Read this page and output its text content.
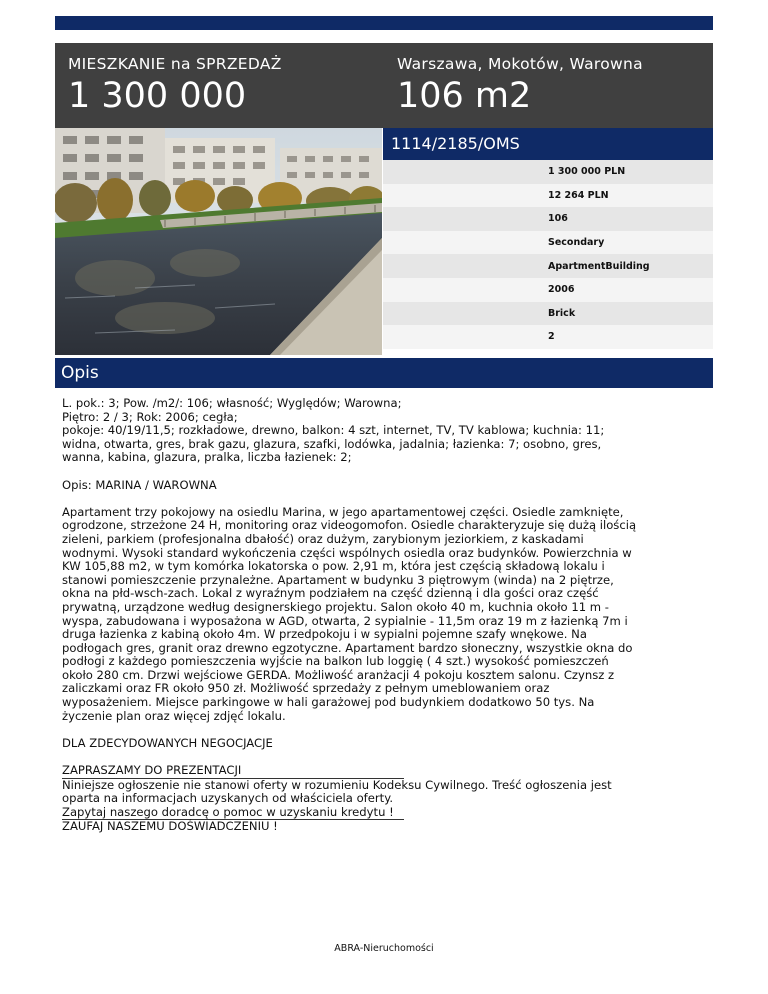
MIESZKANIE na SPRZEDAŻ
1 300 000
Warszawa, Mokotów, Warowna
106 m2
1114/2185/OMS
1 300 000 PLN
12 264 PLN
106
Secondary
ApartmentBuilding
2006
Brick
2
Opis

L. pok.: 3; Pow. /m2/: 106; własność; Wyględów; Warowna;

Piętro: 2 / 3; Rok: 2006; cegła;

pokoje: 40/19/11,5; rozkładowe, drewno, balkon: 4 szt, internet, TV, TV kablowa; kuchnia: 11;

widna, otwarta, gres, brak gazu, glazura, szafki, lodówka, jadalnia; łazienka: 7; osobno, gres,

wanna, kabina, glazura, pralka, liczba łazienek: 2;

Opis: MARINA / WAROWNA

Apartament trzy pokojowy na osiedlu Marina, w jego apartamentowej części. Osiedle zamknięte,

ogrodzone, strzeżone 24 H, monitoring oraz videogomofon. Osiedle charakteryzuje się dużą ilością

zieleni, parkiem (profesjonalna dbałość) oraz dużym, zarybionym jeziorkiem, z kaskadami

wodnymi. Wysoki standard wykończenia części wspólnych osiedla oraz budynków. Powierzchnia w

KW 105,88 m2, w tym komórka lokatorska o pow. 2,91 m, która jest częścią składową lokalu i

stanowi pomieszczenie przynależne. Apartament w budynku 3 piętrowym (winda) na 2 piętrze,

okna na płd-wsch-zach. Lokal z wyraźnym podziałem na część dzienną i dla gości oraz część

prywatną, urządzone według designerskiego projektu. Salon około 40 m, kuchnia około 11 m -

wyspa, zabudowana i wyposażona w AGD, otwarta, 2 sypialnie - 11,5m oraz 19 m z łazienką 7m i

druga łazienka z kabiną około 4m. W przedpokoju i w sypialni pojemne szafy wnękowe. Na

podłogach gres, granit oraz drewno egzotyczne. Apartament bardzo słoneczny, wszystkie okna do

podłogi z każdego pomieszczenia wyjście na balkon lub loggię ( 4 szt.) wysokość pomieszczeń

około 280 cm. Drzwi wejściowe GERDA. Możliwość aranżacji 4 pokoju kosztem salonu. Czynsz z

zaliczkami oraz FR około 950 zł. Możliwość sprzedaży z pełnym umeblowaniem oraz

wyposażeniem. Miejsce parkingowe w hali garażowej pod budynkiem dodatkowo 50 tys. Na

życzenie plan oraz więcej zdjęć lokalu.

DLA ZDECYDOWANYCH NEGOCJACJE

ZAPRASZAMY DO PREZENTACJI

Niniejsze ogłoszenie nie stanowi oferty w rozumieniu Kodeksu Cywilnego. Treść ogłoszenia jest

oparta na informacjach uzyskanych od właściciela oferty.

Zapytaj naszego doradcę o pomoc w uzyskaniu kredytu !

ZAUFAJ NASZEMU DOŚWIADCZENIU !

ABRA-Nieruchomości
